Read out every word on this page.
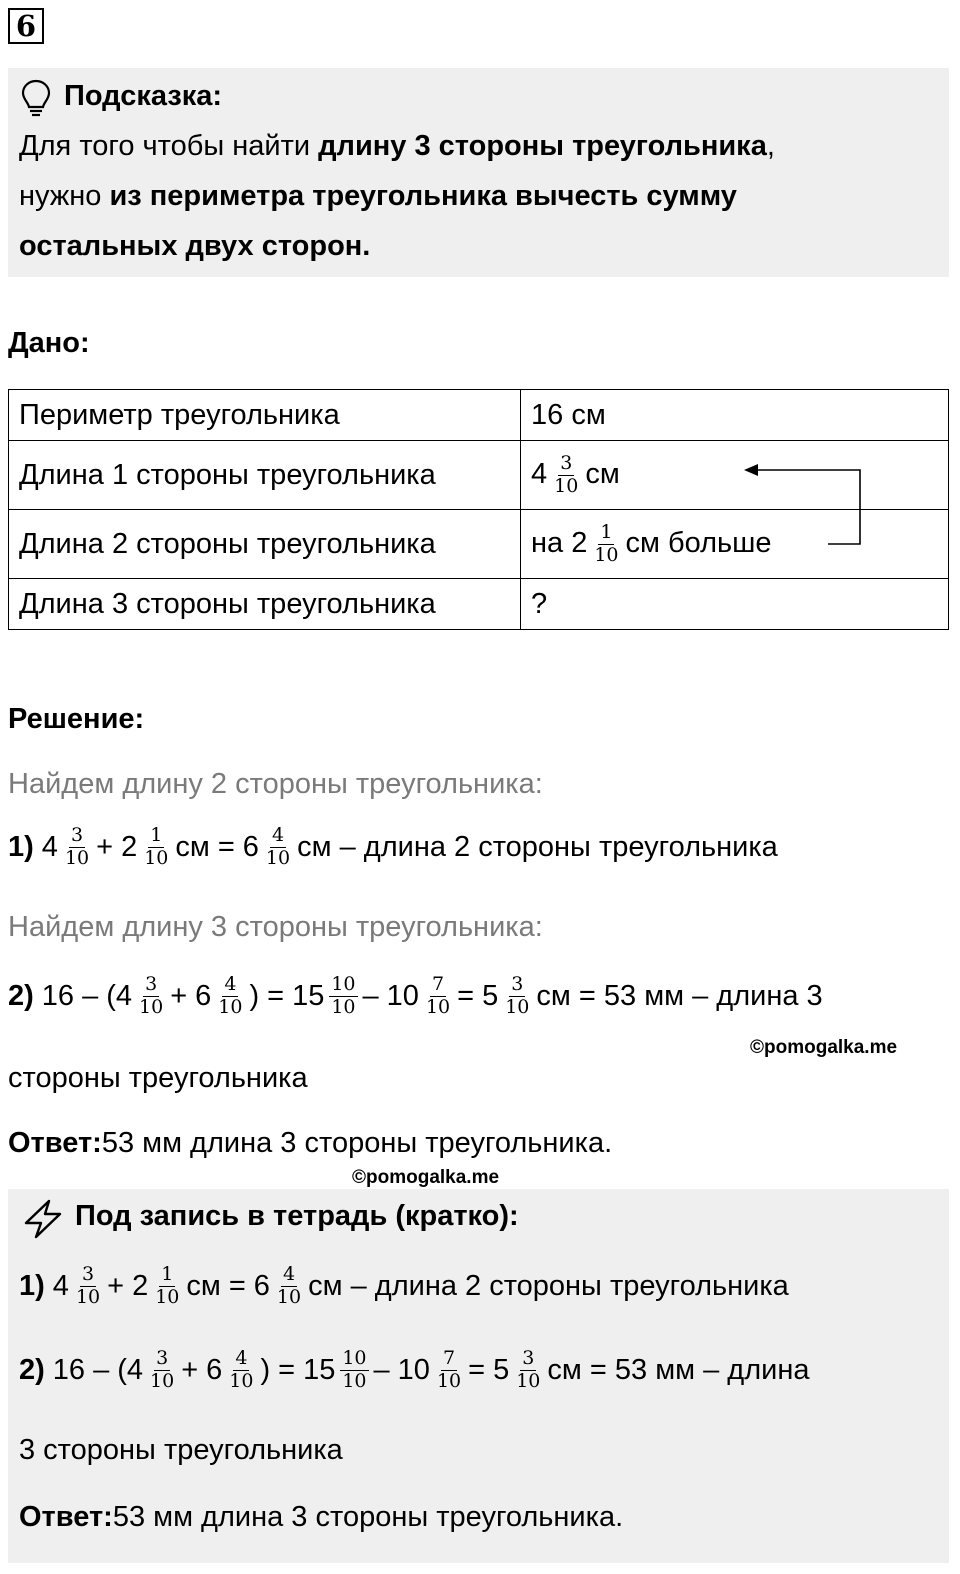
6
Подсказка:
Для того чтобы найти длину 3 стороны треугольника,
нужно из периметра треугольника вычесть сумму
остальных двух сторон.
Дано:
Периметр треугольника	16 см
Длина 1 стороны треугольника	$4 \frac{3}{10}$ см
Длина 2 стороны треугольника	на $2 \frac{1}{10}$ см больше
Длина 3 стороны треугольника	?
Решение:
Найдем длину 2 стороны треугольника:
1) $4 \frac{3}{10} + 2 \frac{1}{10}$ см = $6 \frac{4}{10}$ см – длина 2 стороны треугольника
Найдем длину 3 стороны треугольника:
2) 16 – ( $4 \frac{3}{10} + 6 \frac{4}{10}$ ) = $15 \frac{10}{10} - 10 \frac{7}{10} = 5 \frac{3}{10}$ см = 53 мм – длина 3
©pomogalka.me
стороны треугольника
Ответ: 53 мм длина 3 стороны треугольника.
©pomogalka.me
Под запись в тетрадь (кратко):
1) $4 \frac{3}{10} + 2 \frac{1}{10}$ см = $6 \frac{4}{10}$ см – длина 2 стороны треугольника
2) 16 – ( $4 \frac{3}{10} + 6 \frac{4}{10}$ ) = $15 \frac{10}{10} - 10 \frac{7}{10} = 5 \frac{3}{10}$ см = 53 мм – длина
3 стороны треугольника
Ответ: 53 мм длина 3 стороны треугольника.
